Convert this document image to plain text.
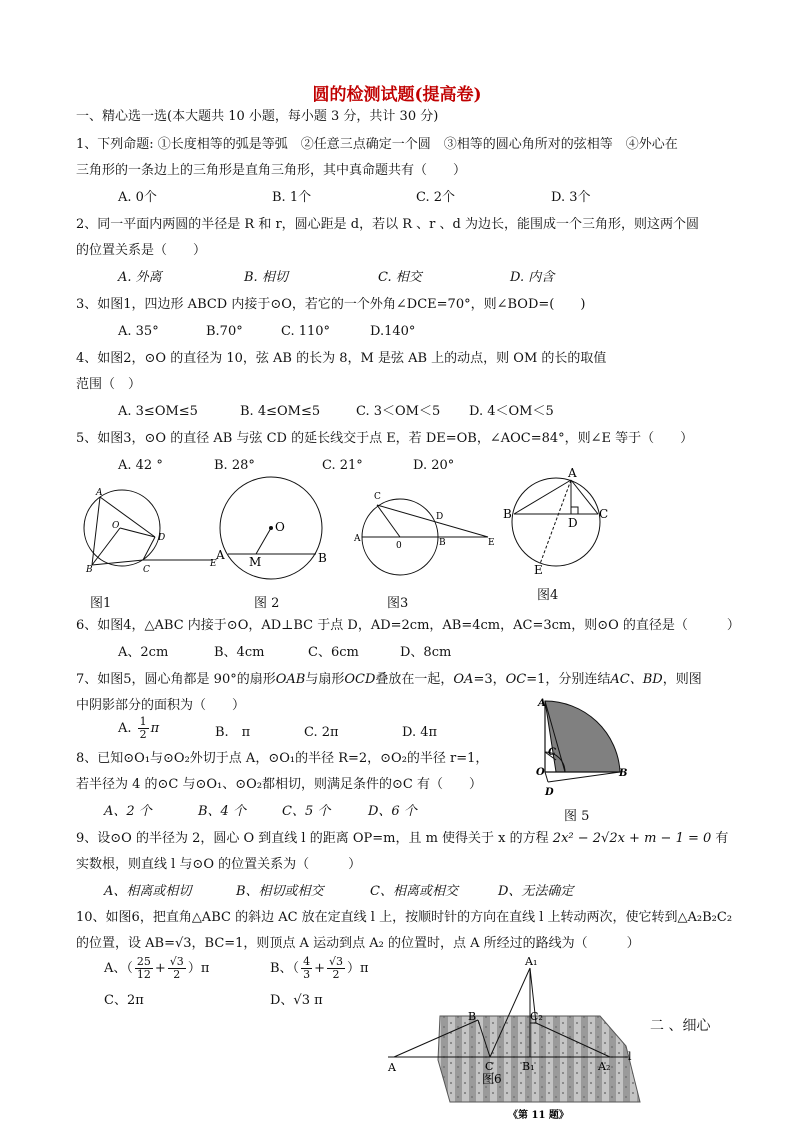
圆的检测试题(提高卷)
一、精心选一选(本大题共 10 小题，每小题 3 分，共计 30 分)
1、下列命题: ①长度相等的弧是等弧　②任意三点确定一个圆　③相等的圆心角所对的弦相等　④外心在
三角形的一条边上的三角形是直角三角形，其中真命题共有（　　）
A. 0个	B. 1个	C. 2个	D. 3个
2、同一平面内两圆的半径是 R 和 r，圆心距是 d，若以 R 、r 、d 为边长，能围成一个三角形，则这两个圆
的位置关系是（　　）
A. 外离	B. 相切	C. 相交	D. 内含
3、如图1，四边形 ABCD 内接于⊙O，若它的一个外角∠DCE=70°，则∠BOD=(　　)
A. 35°	B.70°	C. 110°	D.140°
4、如图2，⊙O 的直径为 10，弦 AB 的长为 8，M 是弦 AB 上的动点，则 OM 的长的取值
范围（　）
A. 3≤OM≤5	B. 4≤OM≤5	C. 3＜OM＜5 D. 4＜OM＜5
5、如图3，⊙O 的直径 AB 与弦 CD 的延长线交于点 E，若 DE=OB，∠AOC=84°，则∠E 等于（　　）
A. 42 °	B. 28°	C. 21°	D. 20°
A
O
D
B	C
E
O
A	B
M
C
D
A
0	B	E
A
B	C
D
E
图1	图 2	图3
图4
6、如图4，△ABC 内接于⊙O，AD⊥BC 于点 D，AD=2cm，AB=4cm，AC=3cm，则⊙O 的直径是（　　　）
A、2cm	B、4cm	C、6cm	D、8cm
7、如图5，圆心角都是 90°的扇形OAB与扇形OCD叠放在一起，OA=3，OC=1，分别连结AC、BD，则图
中阴影部分的面积为（　　）
A. $\frac{1}{2}$ π	B.　π	C. 2π	D. 4π
A
C
O	B
D
8、已知⊙O₁与⊙O₂外切于点 A，⊙O₁的半径 R=2，⊙O₂的半径 r=1，
若半径为 4 的⊙C 与⊙O₁、⊙O₂都相切，则满足条件的⊙C 有（　　）
A、2 个	B、4 个	C、5 个	D、6 个	图 5
9、设⊙O 的半径为 2，圆心 O 到直线 l 的距离 OP=m，且 m 使得关于 x 的方程 2x² − 2√2x + m − 1 = 0 有
实数根，则直线 l 与⊙O 的位置关系为（　　　）
A、相离或相切	B、相切或相交	C、相离或相交	D、无法确定
10、如图6，把直角△ABC 的斜边 AC 放在定直线 l 上，按顺时针的方向在直线 l 上转动两次，使它转到△A₂B₂C₂
的位置，设 AB=√3，BC=1，则顶点 A 运动到点 A₂ 的位置时，点 A 所经过的路线为（　　　）
A、（ $\frac{25}{12} + \frac{√3}{2} )\pi$	B、（ $\frac{4}{3} + \frac{√3}{2} )\pi$
C、2π	D、√3 π
A
B
C
A₁
C₂
B₁	A₂
l
图6
《第 11 题》
二 、细心
